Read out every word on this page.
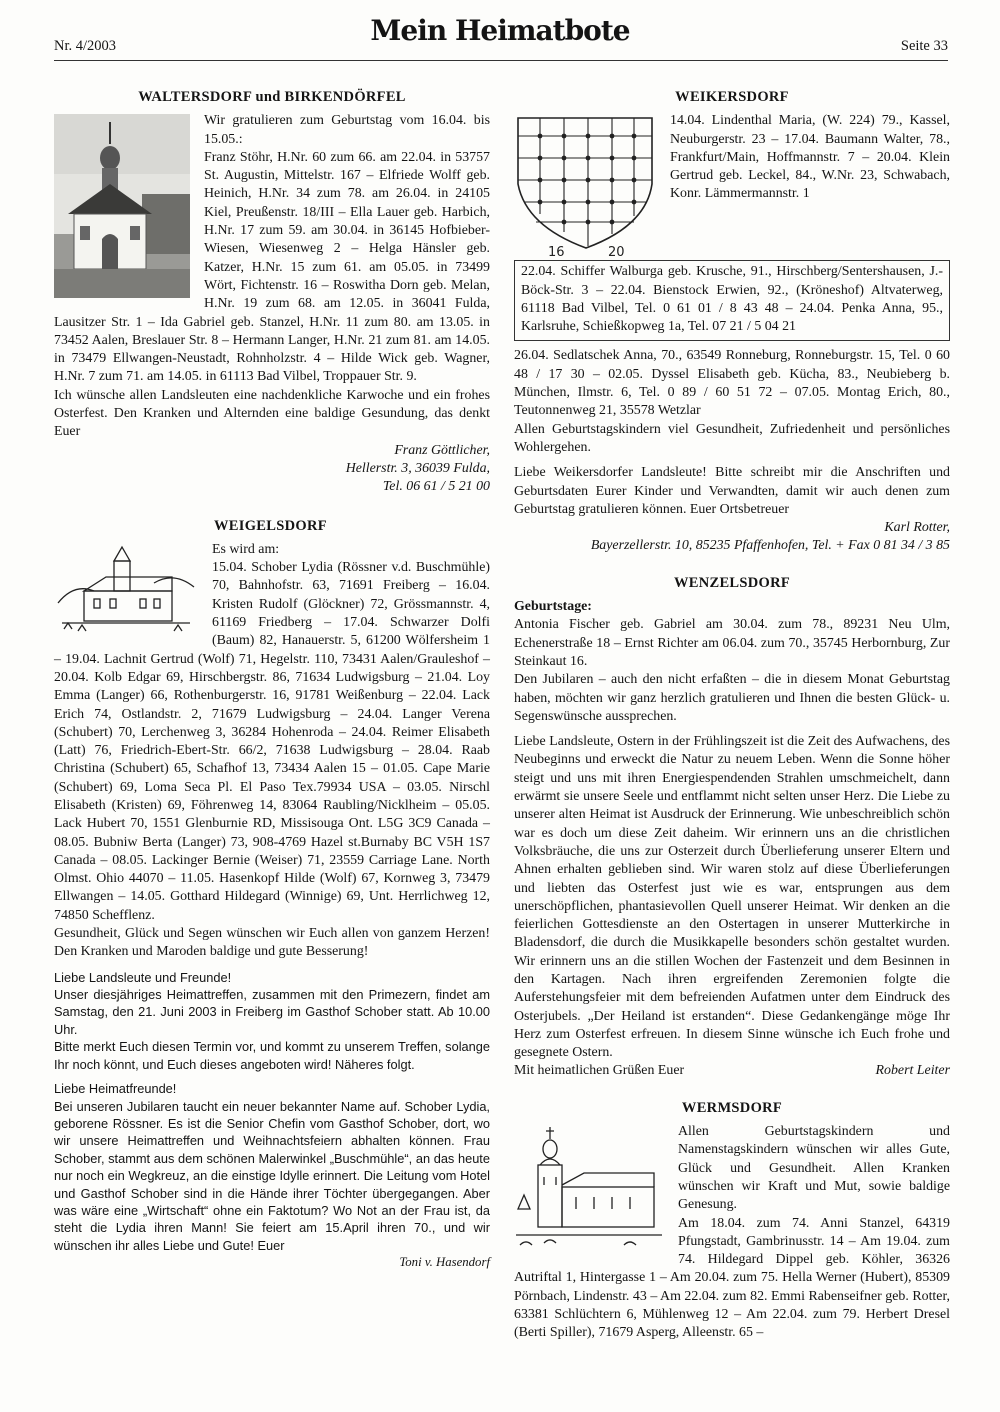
Nr. 4/2003	Mein Heimatbote	Seite 33
WALTERSDORF und BIRKENDÖRFEL

Wir gratulieren zum Geburtstag vom 16.04. bis 15.05.:

Franz Stöhr, H.Nr. 60 zum 66. am 22.04. in 53757 St. Augustin, Mittelstr. 167 – Elfriede Wolff geb. Heinich, H.Nr. 34 zum 78. am 26.04. in 24105 Kiel, Preußenstr. 18/III – Ella Lauer geb. Harbich, H.Nr. 17 zum 59. am 30.04. in 36145 Hofbieber-Wiesen, Wiesenweg 2 – Helga Hänsler geb. Katzer, H.Nr. 15 zum 61. am 05.05. in 73499 Wört, Fichtenstr. 16 – Roswitha Dorn geb. Melan, H.Nr. 19 zum 68. am 12.05. in 36041 Fulda, Lausitzer Str. 1 – Ida Gabriel geb. Stanzel, H.Nr. 11 zum 80. am 13.05. in 73452 Aalen, Breslauer Str. 8 – Hermann Langer, H.Nr. 21 zum 81. am 14.05. in 73479 Ellwangen-Neustadt, Rohnholzstr. 4 – Hilde Wick geb. Wagner, H.Nr. 7 zum 71. am 14.05. in 61113 Bad Vilbel, Troppauer Str. 9.

Ich wünsche allen Landsleuten eine nachdenkliche Karwoche und ein frohes Osterfest. Den Kranken und Alternden eine baldige Gesundung, das denkt Euer

Franz Göttlicher,
Hellerstr. 3, 36039 Fulda,
Tel. 06 61 / 5 21 00
WEIGELSDORF

Es wird am:

15.04. Schober Lydia (Rössner v.d. Buschmühle) 70, Bahnhofstr. 63, 71691 Freiberg – 16.04. Kristen Rudolf (Glöckner) 72, Grössmannstr. 4, 61169 Friedberg – 17.04. Schwarzer Dolfi (Baum) 82, Hanauerstr. 5, 61200 Wölfersheim 1 – 19.04. Lachnit Gertrud (Wolf) 71, Hegelstr. 110, 73431 Aalen/Grauleshof – 20.04. Kolb Edgar 69, Hirschbergstr. 86, 71634 Ludwigsburg – 21.04. Loy Emma (Langer) 66, Rothenburgerstr. 16, 91781 Weißenburg – 22.04. Lack Erich 74, Ostlandstr. 2, 71679 Ludwigsburg – 24.04. Langer Verena (Schubert) 70, Lerchenweg 3, 36284 Hohenroda – 24.04. Reimer Elisabeth (Latt) 76, Friedrich-Ebert-Str. 66/2, 71638 Ludwigsburg – 28.04. Raab Christina (Schubert) 65, Schafhof 13, 73434 Aalen 15 – 01.05. Cape Marie (Schubert) 69, Loma Seca Pl. El Paso Tex.79934 USA – 03.05. Nirschl Elisabeth (Kristen) 69, Föhrenweg 14, 83064 Raubling/Nicklheim – 05.05. Lack Hubert 70, 1551 Glenburnie RD, Missisouga Ont. L5G 3C9 Canada – 08.05. Bubniw Berta (Langer) 73, 908-4769 Hazel st.Burnaby BC V5H 1S7 Canada – 08.05. Lackinger Bernie (Weiser) 71, 23559 Carriage Lane. North Olmst. Ohio 44070 – 11.05. Hasenkopf Hilde (Wolf) 67, Kornweg 3, 73479 Ellwangen – 14.05. Gotthard Hildegard (Winnige) 69, Unt. Herrlichweg 12, 74850 Schefflenz.

Gesundheit, Glück und Segen wünschen wir Euch allen von ganzem Herzen! Den Kranken und Maroden baldige und gute Besserung!

Liebe Landsleute und Freunde!

Unser diesjähriges Heimattreffen, zusammen mit den Primezern, findet am Samstag, den 21. Juni 2003 in Freiberg im Gasthof Schober statt. Ab 10.00 Uhr.

Bitte merkt Euch diesen Termin vor, und kommt zu unserem Treffen, solange Ihr noch könnt, und Euch dieses angeboten wird! Näheres folgt.

Liebe Heimatfreunde!

Bei unseren Jubilaren taucht ein neuer bekannter Name auf. Schober Lydia, geborene Rössner. Es ist die Senior Chefin vom Gasthof Schober, dort, wo wir unsere Heimattreffen und Weihnachtsfeiern abhalten können. Frau Schober, stammt aus dem schönen Malerwinkel „Buschmühle“, an das heute nur noch ein Wegkreuz, an die einstige Idylle erinnert. Die Leitung vom Hotel und Gasthof Schober sind in die Hände ihrer Töchter übergegangen. Aber was wäre eine „Wirtschaft“ ohne ein Faktotum? Wo Not an der Frau ist, da steht die Lydia ihren Mann! Sie feiert am 15.April ihren 70., und wir wünschen ihr alles Liebe und Gute! Euer

Toni v. Hasendorf
WEIKERSDORF
16	20

14.04. Lindenthal Maria, (W. 224) 79., Kassel, Neuburgerstr. 23 – 17.04. Baumann Walter, 78., Frankfurt/Main, Hoffmannstr. 7 – 20.04. Klein Gertrud geb. Leckel, 84., W.Nr. 23, Schwabach, Konr. Lämmermannstr. 1

22.04. Schiffer Walburga geb. Krusche, 91., Hirschberg/Sentershausen, J.-Böck-Str. 3 – 22.04. Bienstock Erwien, 92., (Kröneshof) Altvaterweg, 61118 Bad Vilbel, Tel. 0 61 01 / 8 43 48 – 24.04. Penka Anna, 95., Karlsruhe, Schießkopweg 1a, Tel. 07 21 / 5 04 21

26.04. Sedlatschek Anna, 70., 63549 Ronneburg, Ronneburgstr. 15, Tel. 0 60 48 / 17 30 – 02.05. Dyssel Elisabeth geb. Kücha, 83., Neubieberg b. München, Ilmstr. 6, Tel. 0 89 / 60 51 72 – 07.05. Montag Erich, 80., Teutonnenweg 21, 35578 Wetzlar

Allen Geburtstagskindern viel Gesundheit, Zufriedenheit und persönliches Wohlergehen.

Liebe Weikersdorfer Landsleute! Bitte schreibt mir die Anschriften und Geburtsdaten Eurer Kinder und Verwandten, damit wir auch denen zum Geburtstag gratulieren können. Euer Ortsbetreuer

Karl Rotter,
Bayerzellerstr. 10, 85235 Pfaffenhofen, Tel. + Fax 0 81 34 / 3 85
WENZELSDORF

Geburtstage:

Antonia Fischer geb. Gabriel am 30.04. zum 78., 89231 Neu Ulm, Echenerstraße 18 – Ernst Richter am 06.04. zum 70., 35745 Herbornburg, Zur Steinkaut 16.

Den Jubilaren – auch den nicht erfaßten – die in diesem Monat Geburtstag haben, möchten wir ganz herzlich gratulieren und Ihnen die besten Glück- u. Segenswünsche aussprechen.

Liebe Landsleute, Ostern in der Frühlingszeit ist die Zeit des Aufwachens, des Neubeginns und erweckt die Natur zu neuem Leben. Wenn die Sonne höher steigt und uns mit ihren Energiespendenden Strahlen umschmeichelt, dann erwärmt sie unsere Seele und entflammt nicht selten unser Herz. Die Liebe zu unserer alten Heimat ist Ausdruck der Erinnerung. Wie unbeschreiblich schön war es doch um diese Zeit daheim. Wir erinnern uns an die christlichen Volksbräuche, die uns zur Osterzeit durch Überlieferung unserer Eltern und Ahnen erhalten geblieben sind. Wir waren stolz auf diese Überlieferungen und liebten das Osterfest just wie es war, entsprungen aus dem unerschöpflichen, phantasievollen Quell unserer Heimat. Wir denken an die feierlichen Gottesdienste an den Ostertagen in unserer Mutterkirche in Bladensdorf, die durch die Musikkapelle besonders schön gestaltet wurden. Wir erinnern uns an die stillen Wochen der Fastenzeit und dem Besinnen in den Kartagen. Nach ihren ergreifenden Zeremonien folgte die Auferstehungsfeier mit dem befreienden Aufatmen unter dem Eindruck des Osterjubels. „Der Heiland ist erstanden“. Diese Gedankengänge möge Ihr Herz zum Osterfest erfreuen. In diesem Sinne wünsche ich Euch frohe und gesegnete Ostern.

Mit heimatlichen Grüßen Euer	Robert Leiter
WERMSDORF

Allen Geburtstagskindern und Namenstagskindern wünschen wir alles Gute, Glück und Gesundheit. Allen Kranken wünschen wir Kraft und Mut, sowie baldige Genesung.

Am 18.04. zum 74. Anni Stanzel, 64319 Pfungstadt, Gambrinusstr. 14 – Am 19.04. zum 74. Hildegard Dippel geb. Köhler, 36326 Autriftal 1, Hintergasse 1 – Am 20.04. zum 75. Hella Werner (Hubert), 85309 Pörnbach, Lindenstr. 43 – Am 22.04. zum 82. Emmi Rabenseifner geb. Rotter, 63381 Schlüchtern 6, Mühlenweg 12 – Am 22.04. zum 79. Herbert Dresel (Berti Spiller), 71679 Asperg, Alleenstr. 65 –
